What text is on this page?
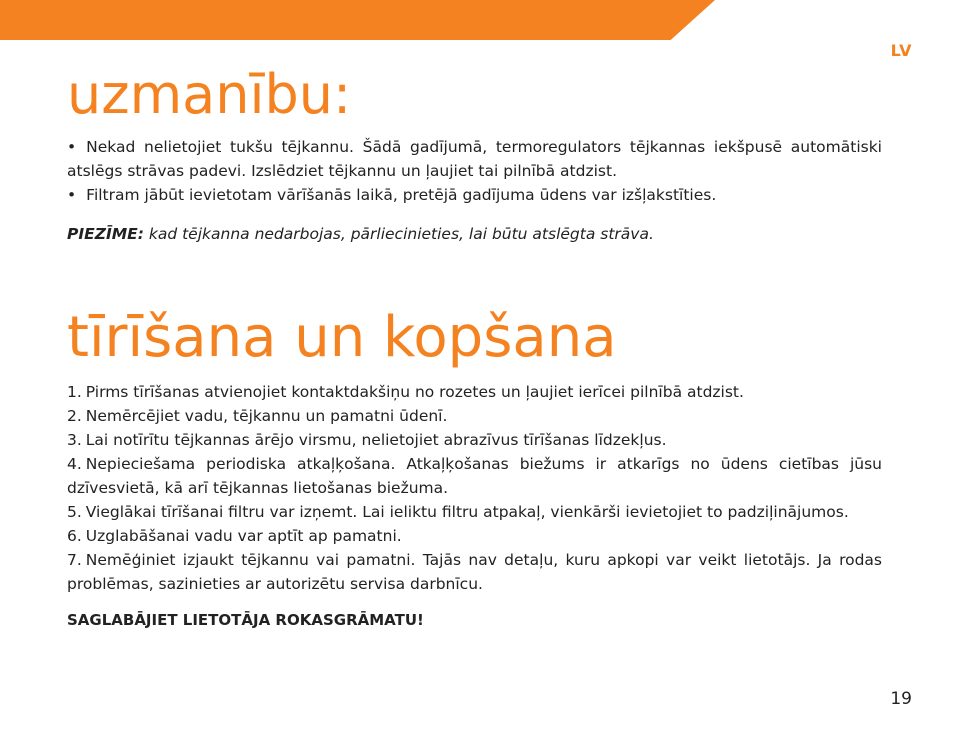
LV
uzmanību:
• Nekad nelietojiet tukšu tējkannu. Šādā gadījumā, termoregulators tējkannas iekšpusē automātiski atslēgs strāvas padevi. Izslēdziet tējkannu un ļaujiet tai pilnībā atdzist.
• Filtram jābūt ievietotam vārīšanās laikā, pretējā gadījuma ūdens var izšļakstīties.
PIEZĪME: kad tējkanna nedarbojas, pārliecinieties, lai būtu atslēgta strāva.
tīrīšana un kopšana
1. Pirms tīrīšanas atvienojiet kontaktdakšiņu no rozetes un ļaujiet ierīcei pilnībā atdzist.
2. Nemērcējiet vadu, tējkannu un pamatni ūdenī.
3. Lai notīrītu tējkannas ārējo virsmu, nelietojiet abrazīvus tīrīšanas līdzekļus.
4. Nepieciešama periodiska atkaļķošana. Atkaļķošanas biežums ir atkarīgs no ūdens cietības jūsu dzīvesvietā, kā arī tējkannas lietošanas biežuma.
5. Vieglākai tīrīšanai filtru var izņemt. Lai ieliktu filtru atpakaļ, vienkārši ievietojiet to padziļinājumos.
6. Uzglabāšanai vadu var aptīt ap pamatni.
7. Nemēģiniet izjaukt tējkannu vai pamatni. Tajās nav detaļu, kuru apkopi var veikt lietotājs. Ja rodas problēmas, sazinieties ar autorizētu servisa darbnīcu.
SAGLABĀJIET LIETOTĀJA ROKASGRĀMATU!
19
